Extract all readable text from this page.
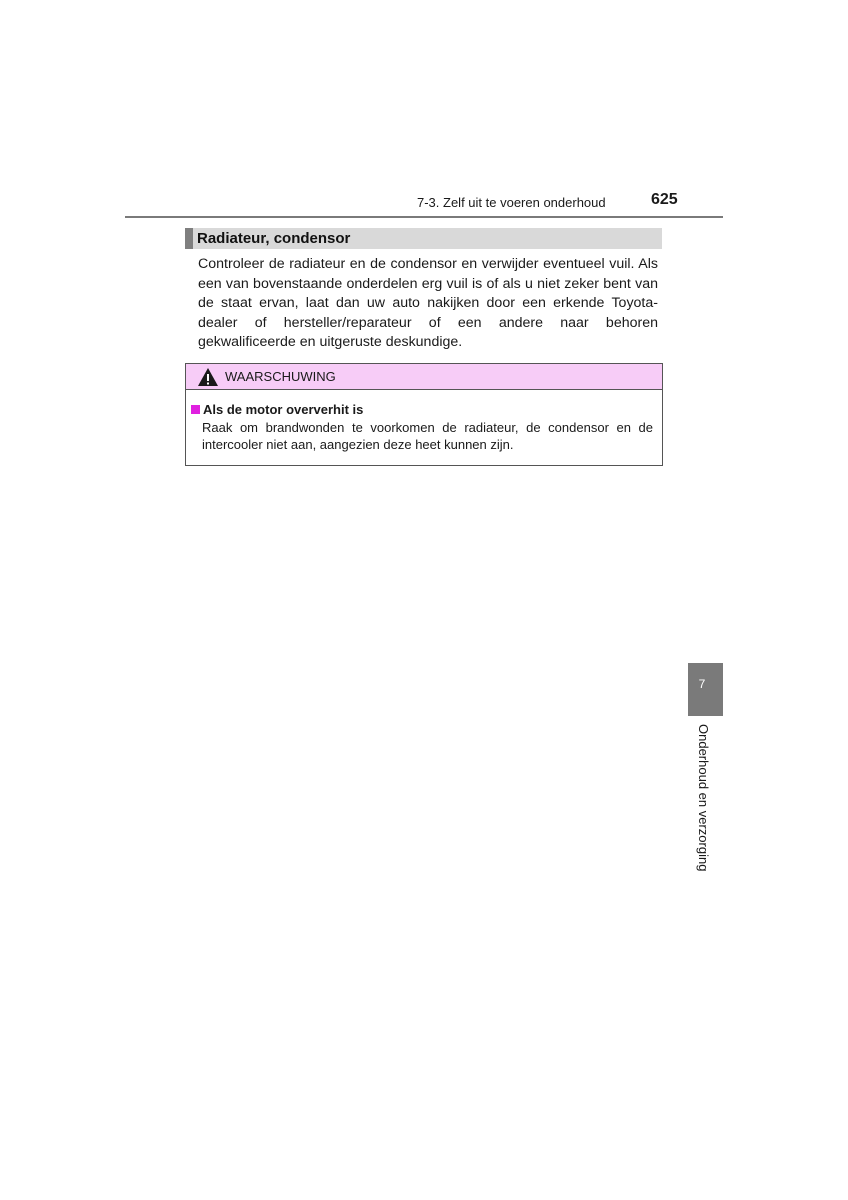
7-3. Zelf uit te voeren onderhoud	625
Radiateur, condensor

Controleer de radiateur en de condensor en verwijder eventueel vuil. Als een van bovenstaande onderdelen erg vuil is of als u niet zeker bent van de staat ervan, laat dan uw auto nakijken door een erkende Toyota-dealer of hersteller/reparateur of een andere naar behoren gekwalificeerde en uitgeruste deskundige.

WAARSCHUWING
Als de motor oververhit is

Raak om brandwonden te voorkomen de radiateur, de condensor en de intercooler niet aan, aangezien deze heet kunnen zijn.

7
Onderhoud en verzorging
